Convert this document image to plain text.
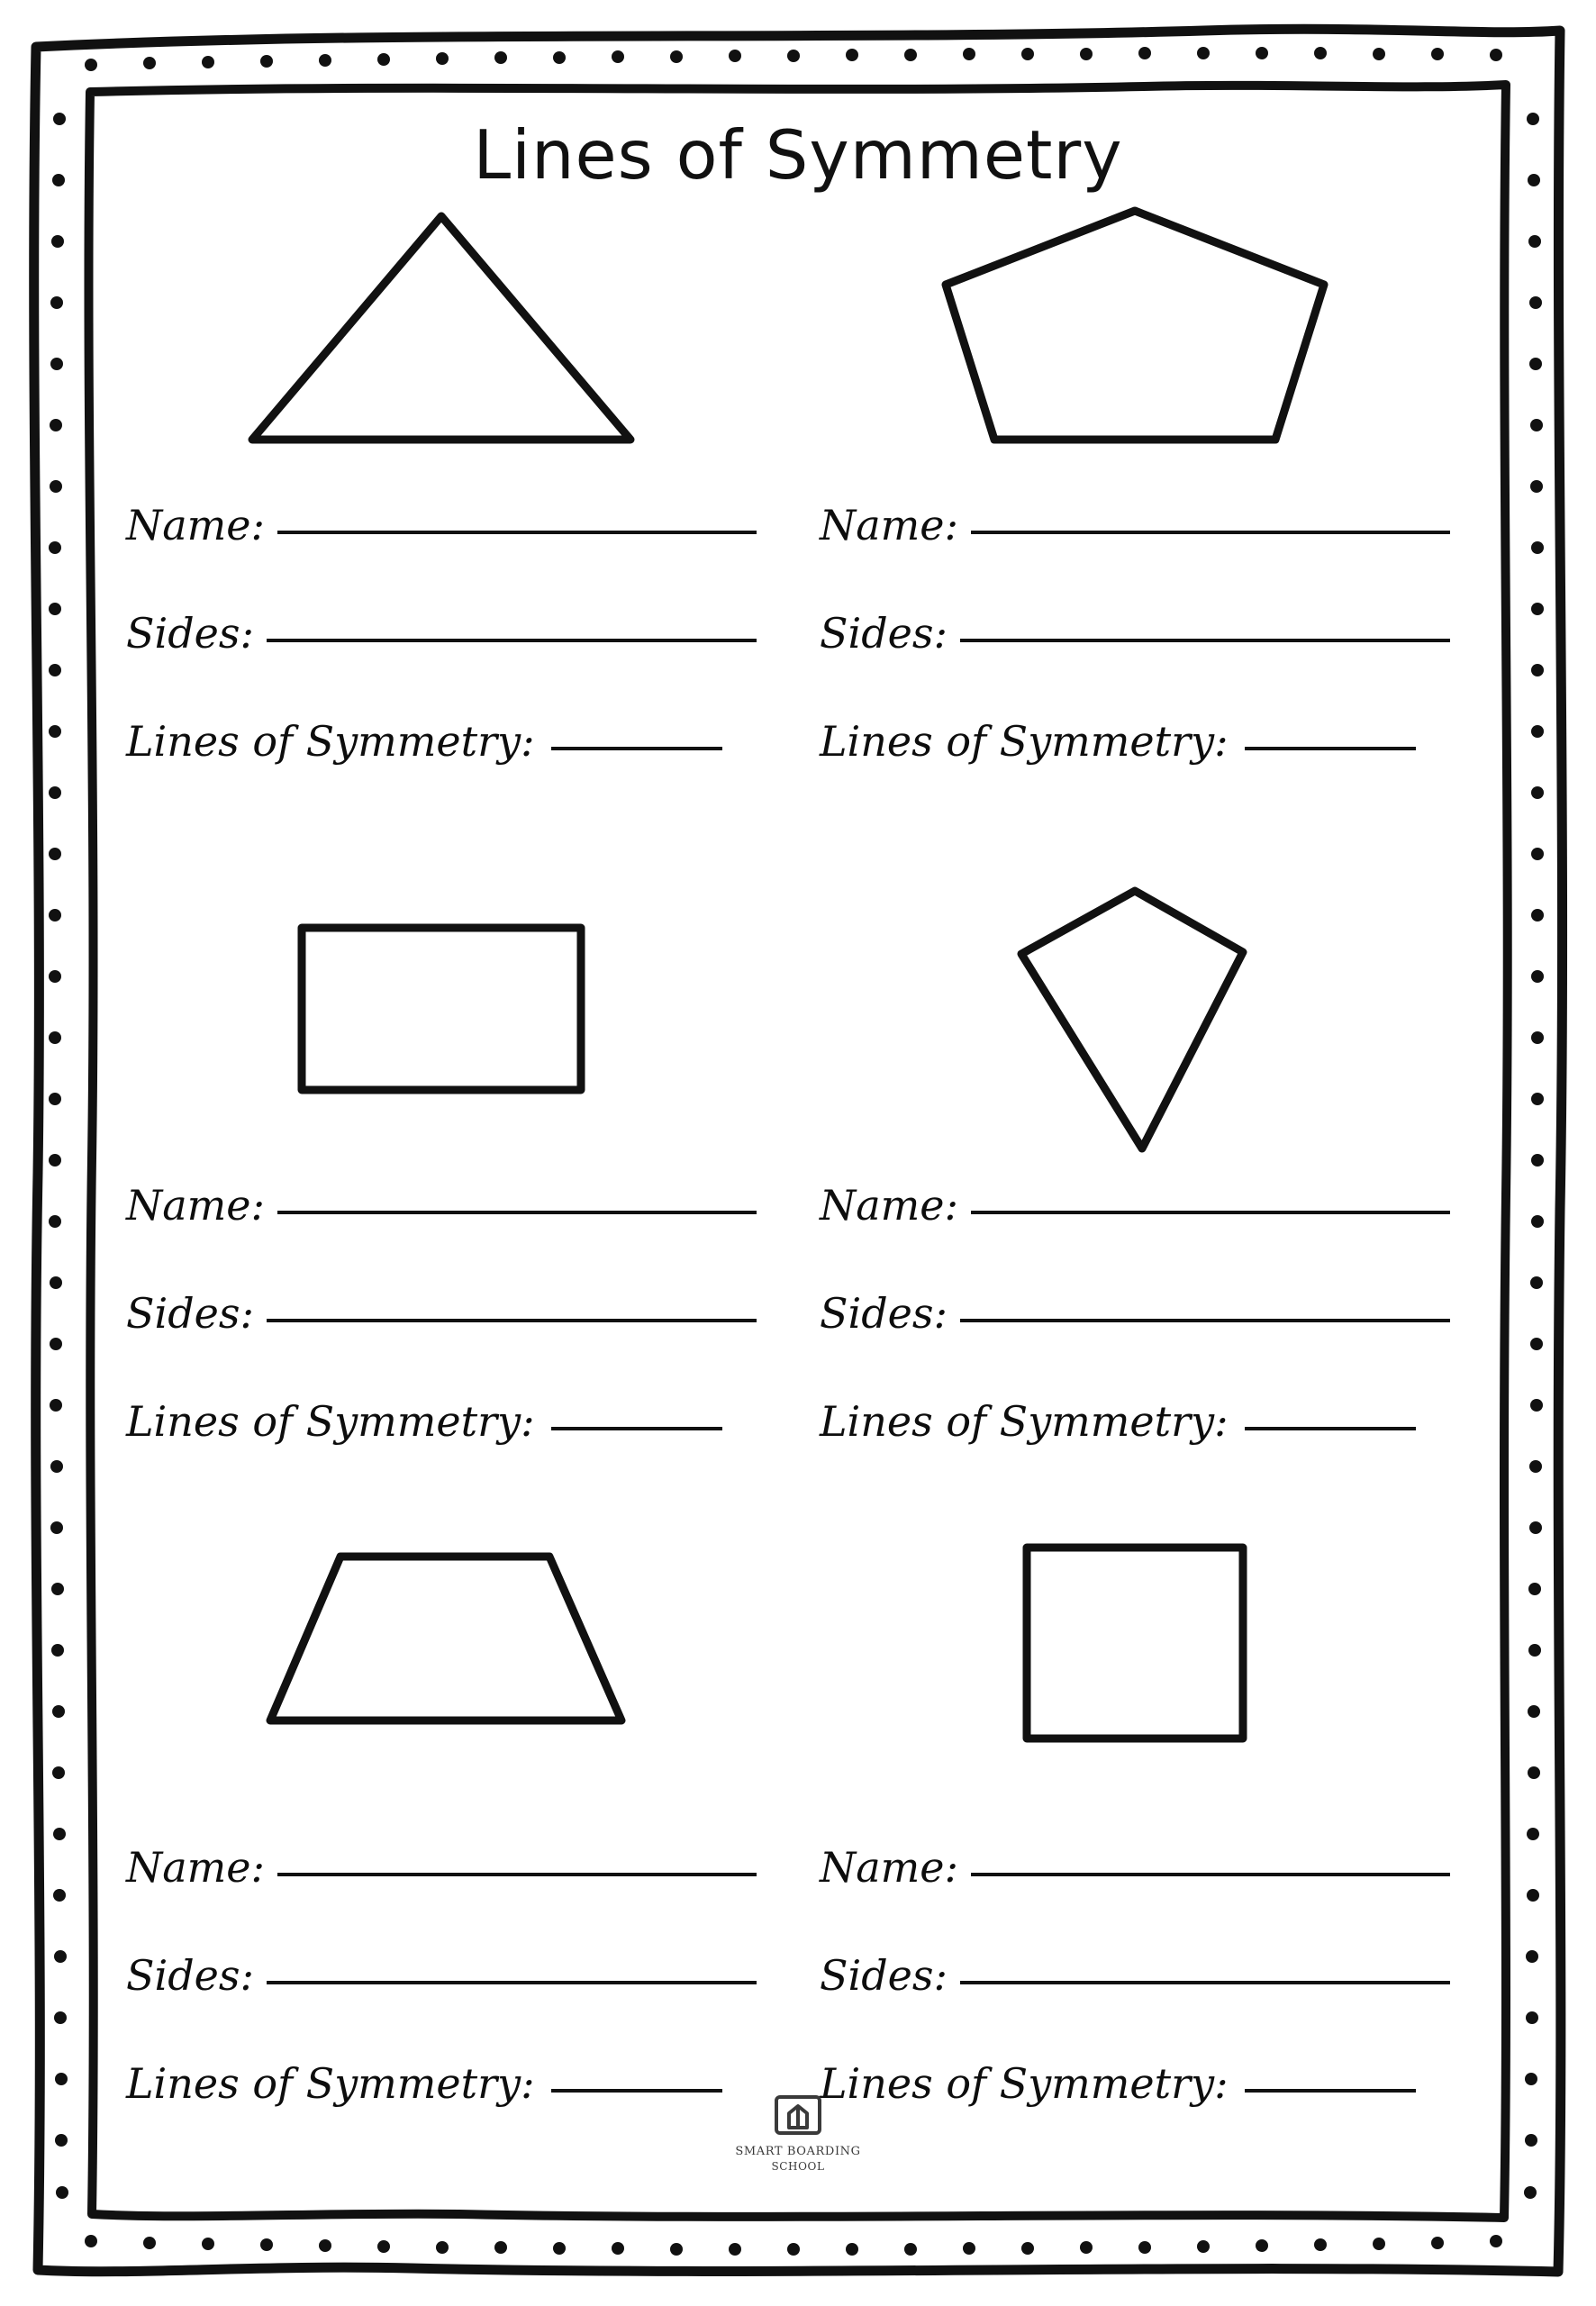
Lines of Symmetry
Name:
Sides:
Lines of Symmetry:
Name:
Sides:
Lines of Symmetry:
Name:
Sides:
Lines of Symmetry:
Name:
Sides:
Lines of Symmetry:
Name:
Sides:
Lines of Symmetry:
Name:
Sides:
Lines of Symmetry:
SMART BOARDING
SCHOOL
